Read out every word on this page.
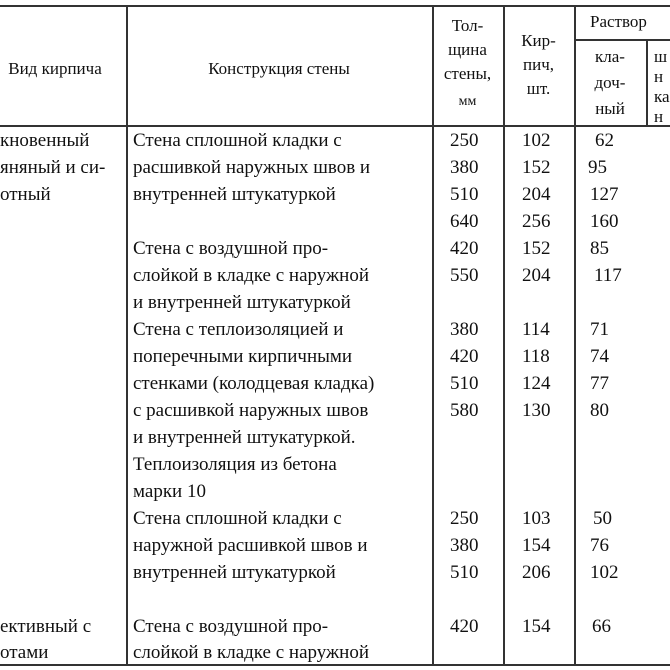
Вид кирпича	Конструкция стены
Тол-
щина
стены,
мм
Кир-
пич,
шт.
Раствор
кла-
доч-
ный
ш
н
ка
н
кновенный
яняный и си-
отный
ективный с
отами
Стена сплошной кладки с
расшивкой наружных швов и
внутренней штукатуркой
Стена с воздушной про-
слойкой в кладке с наружной
и внутренней штукатуркой
Стена с теплоизоляцией и
поперечными кирпичными
стенками (колодцевая кладка)
с расшивкой наружных швов
и внутренней штукатуркой.
Теплоизоляция из бетона
марки 10
Стена сплошной кладки с
наружной расшивкой швов и
внутренней штукатуркой
Стена с воздушной про-
слойкой в кладке с наружной
250 102 62
380 152 95
510 204 127
640 256 160
420 152 85
550 204 117
380 114 71
420 118 74
510 124 77
580 130 80
250 103 50
380 154 76
510 206 102
420 154 66
